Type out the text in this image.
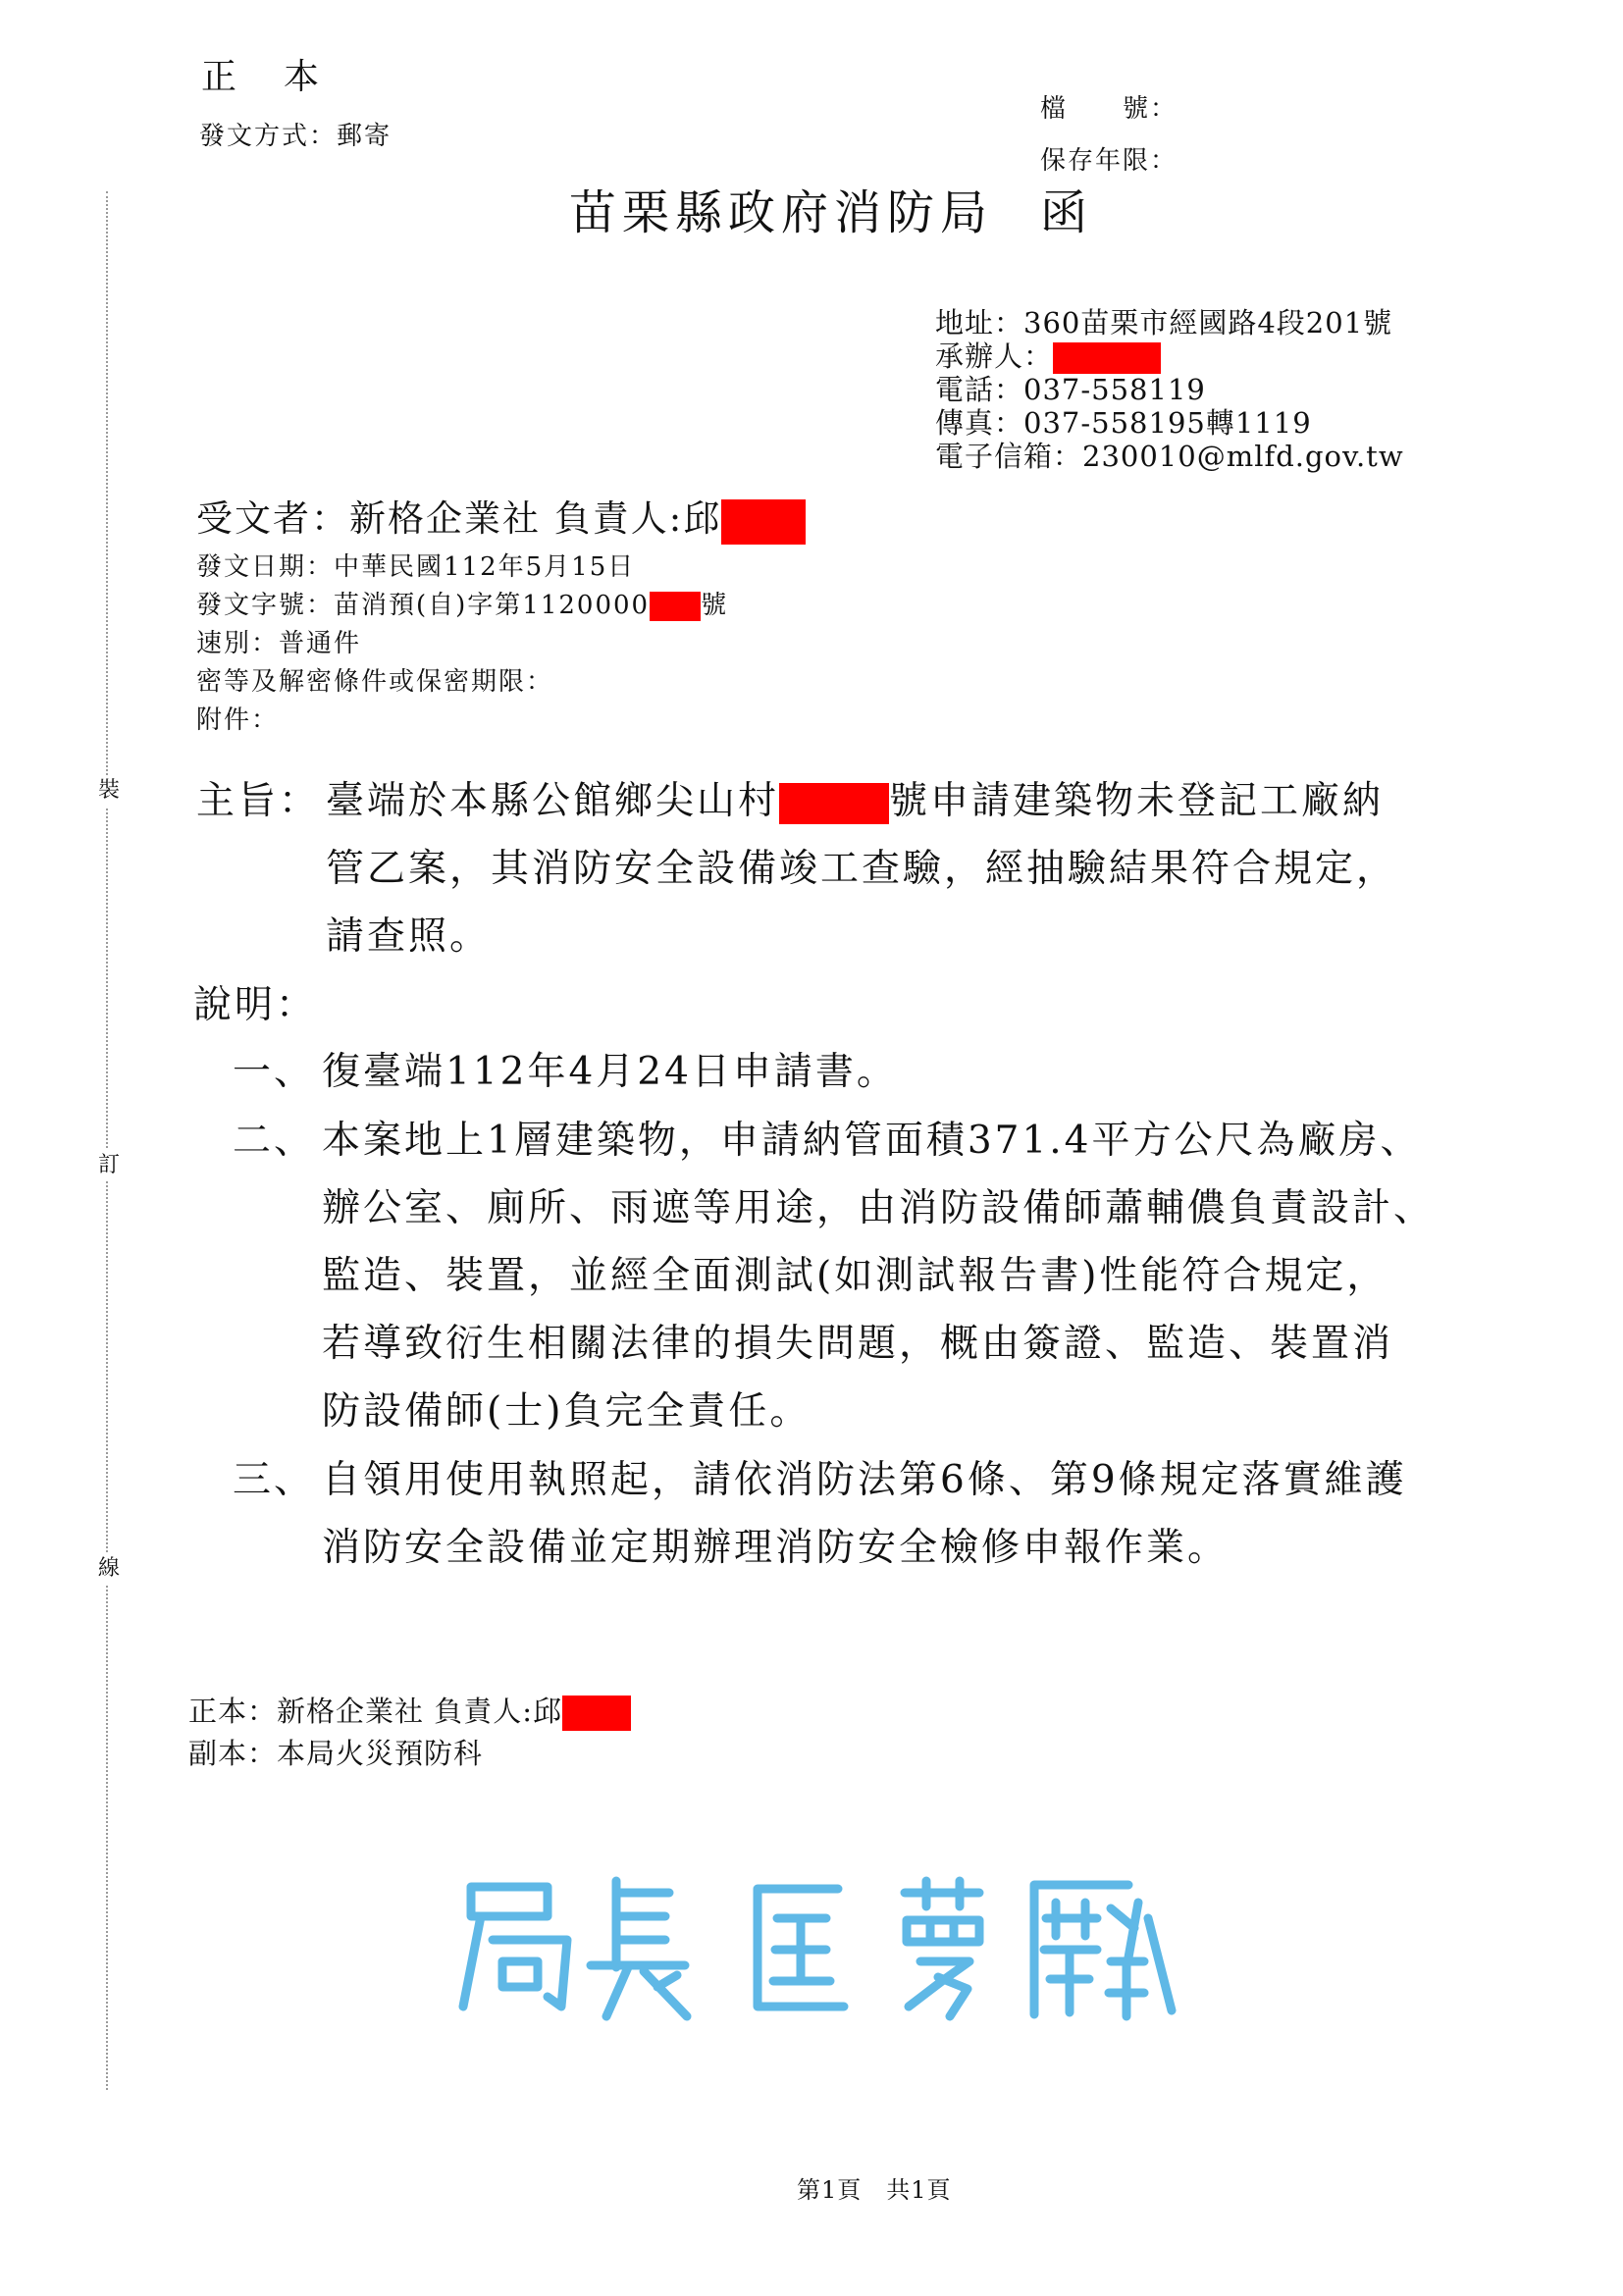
裝
訂
線
正　本
發文方式：郵寄
檔　　號：
保存年限：
苗栗縣政府消防局 函
地址：360苗栗市經國路4段201號
承辦人：
電話：037-558119
傳真：037-558195轉1119
電子信箱：230010@mlfd.gov.tw
受文者：新格企業社 負責人:邱
發文日期：中華民國112年5月15日
發文字號：苗消預(自)字第1120000 號
速別：普通件
密等及解密條件或保密期限：
附件：
主旨： 臺端於本縣公館鄉尖山村	號申請建築物未登記工廠納
管乙案，其消防安全設備竣工查驗，經抽驗結果符合規定，
請查照。
說明：
一、 復臺端112年4月24日申請書。
二、 本案地上1層建築物，申請納管面積371.4平方公尺為廠房、
辦公室、廁所、雨遮等用途，由消防設備師蕭輔儂負責設計、
監造、裝置，並經全面測試(如測試報告書)性能符合規定，
若導致衍生相關法律的損失問題，概由簽證、監造、裝置消
防設備師(士)負完全責任。
三、 自領用使用執照起，請依消防法第6條、第9條規定落實維護
消防安全設備並定期辦理消防安全檢修申報作業。
正本：新格企業社 負責人:邱
副本：本局火災預防科
第1頁　共1頁
